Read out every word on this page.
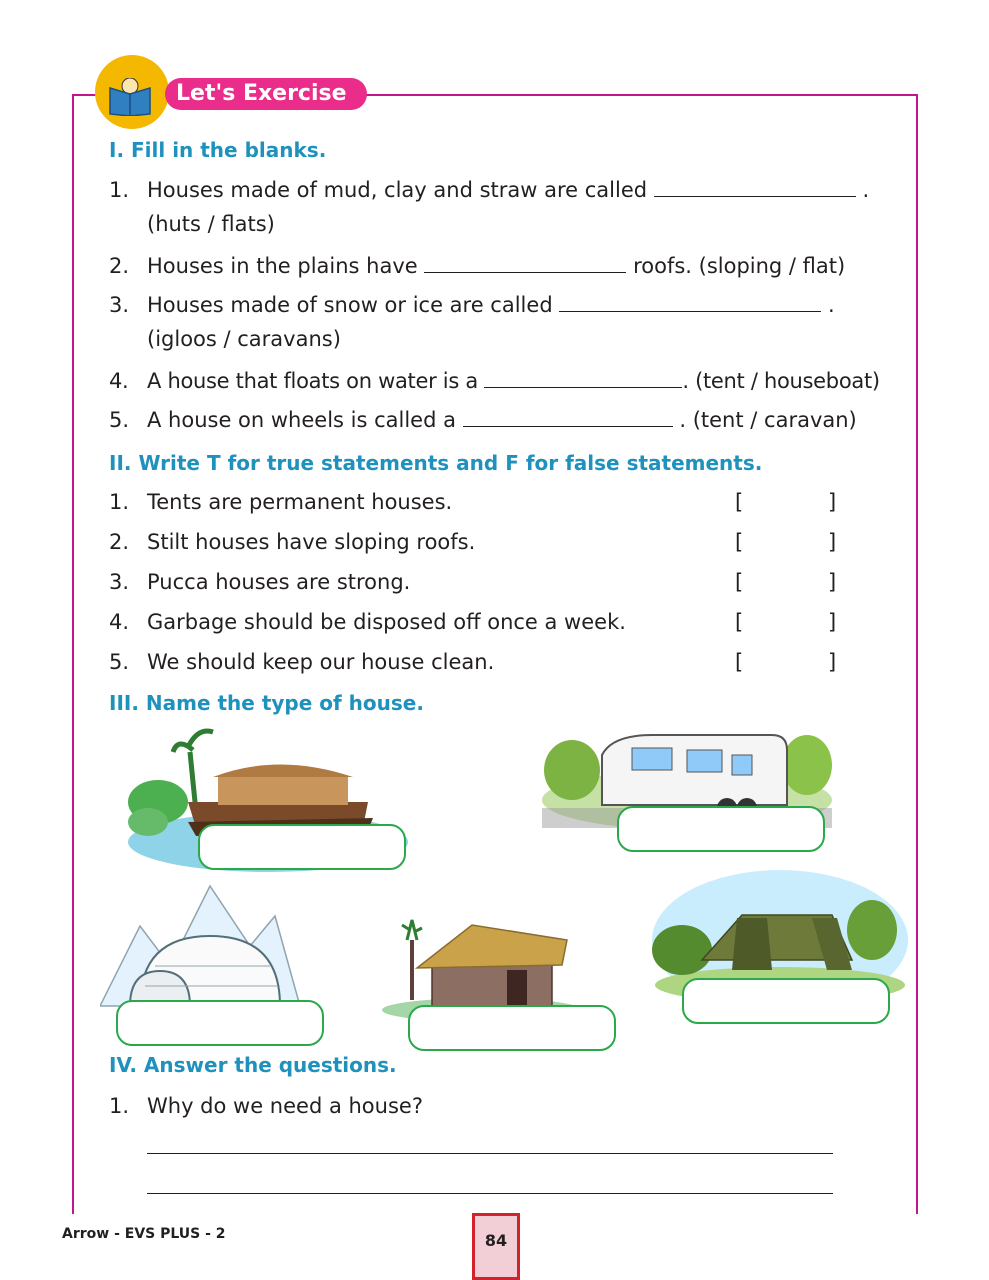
Let's Exercise
I. Fill in the blanks.
1. Houses made of mud, clay and straw are called	.
(huts / flats)
2. Houses in the plains have	roofs. (sloping / flat)
3. Houses made of snow or ice are called	.
(igloos / caravans)
4. A house that floats on water is a	. (tent / houseboat)
5. A house on wheels is called a	. (tent / caravan)
II. Write T for true statements and F for false statements.
1. Tents are permanent houses.	[	]
2. Stilt houses have sloping roofs.	[	]
3. Pucca houses are strong.	[	]
4. Garbage should be disposed off once a week.	[	]
5. We should keep our house clean.	[	]
III. Name the type of house.
IV. Answer the questions.
1. Why do we need a house?
Arrow - EVS PLUS - 2	84
